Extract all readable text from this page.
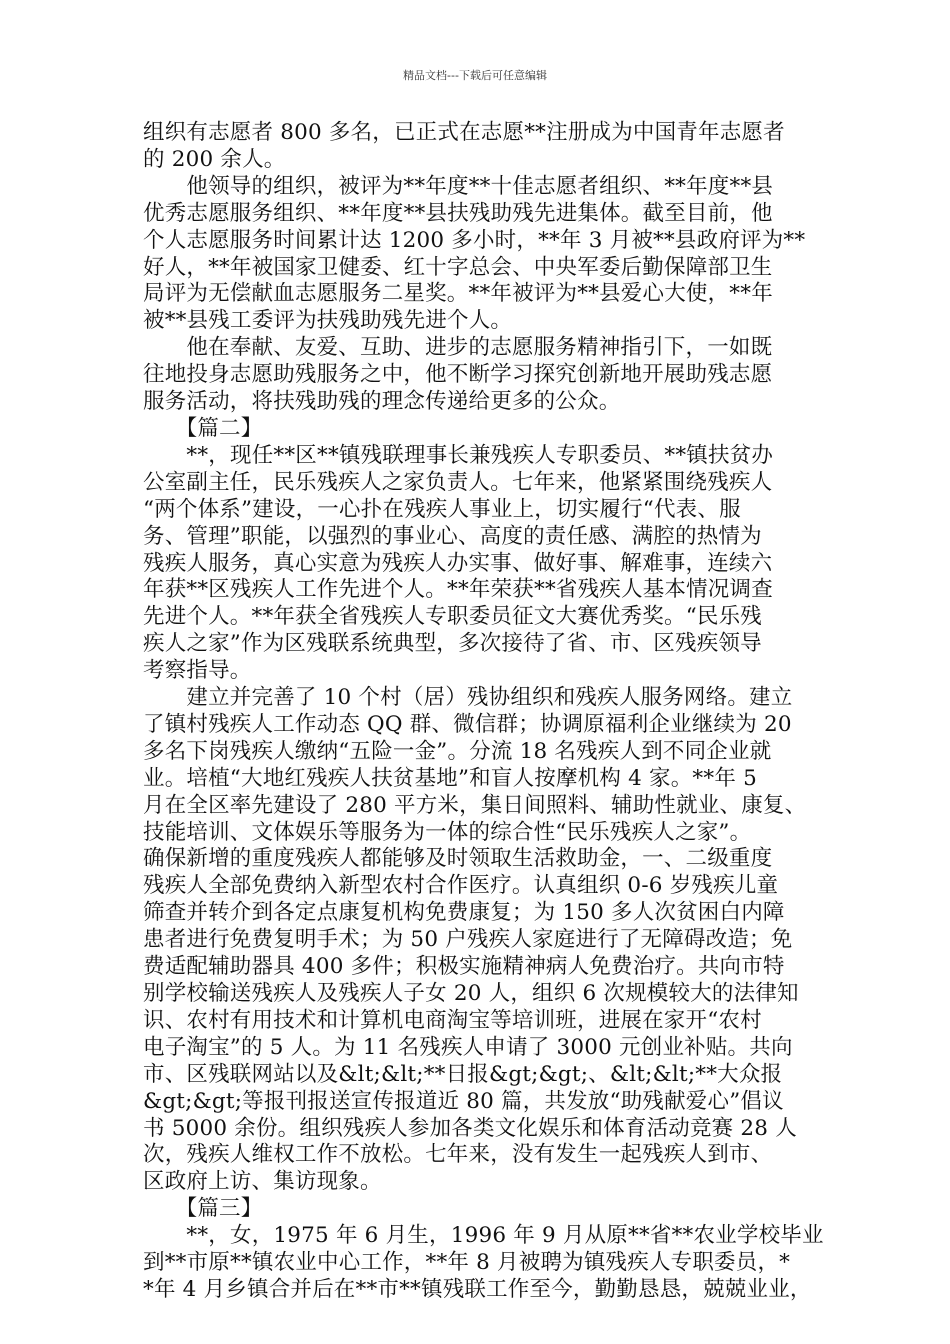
精品文档---下载后可任意编辑

组织有志愿者 800 多名，已正式在志愿**注册成为中国青年志愿者

的 200 余人。

　　他领导的组织，被评为**年度**十佳志愿者组织、**年度**县

优秀志愿服务组织、**年度**县扶残助残先进集体。截至目前，他

个人志愿服务时间累计达 1200 多小时，**年 3 月被**县政府评为**

好人，**年被国家卫健委、红十字总会、中央军委后勤保障部卫生

局评为无偿献血志愿服务二星奖。**年被评为**县爱心大使，**年

被**县残工委评为扶残助残先进个人。

　　他在奉献、友爱、互助、进步的志愿服务精神指引下，一如既

往地投身志愿助残服务之中，他不断学习探究创新地开展助残志愿

服务活动，将扶残助残的理念传递给更多的公众。

　　【篇二】

　　**，现任**区**镇残联理事长兼残疾人专职委员、**镇扶贫办

公室副主任，民乐残疾人之家负责人。七年来，他紧紧围绕残疾人

“两个体系”建设，一心扑在残疾人事业上，切实履行“代表、服

务、管理”职能，以强烈的事业心、高度的责任感、满腔的热情为

残疾人服务，真心实意为残疾人办实事、做好事、解难事，连续六

年获**区残疾人工作先进个人。**年荣获**省残疾人基本情况调查

先进个人。**年获全省残疾人专职委员征文大赛优秀奖。“民乐残

疾人之家”作为区残联系统典型，多次接待了省、市、区残疾领导

考察指导。

　　建立并完善了 10 个村（居）残协组织和残疾人服务网络。建立

了镇村残疾人工作动态 QQ 群、微信群；协调原福利企业继续为 20

多名下岗残疾人缴纳“五险一金”。分流 18 名残疾人到不同企业就

业。培植“大地红残疾人扶贫基地”和盲人按摩机构 4 家。**年 5

月在全区率先建设了 280 平方米，集日间照料、辅助性就业、康复、

技能培训、文体娱乐等服务为一体的综合性“民乐残疾人之家”。

确保新增的重度残疾人都能够及时领取生活救助金，一、二级重度

残疾人全部免费纳入新型农村合作医疗。认真组织 0-6 岁残疾儿童

筛查并转介到各定点康复机构免费康复；为 150 多人次贫困白内障

患者进行免费复明手术；为 50 户残疾人家庭进行了无障碍改造；免

费适配辅助器具 400 多件；积极实施精神病人免费治疗。共向市特

别学校输送残疾人及残疾人子女 20 人，组织 6 次规模较大的法律知

识、农村有用技术和计算机电商淘宝等培训班，进展在家开“农村

电子淘宝”的 5 人。为 11 名残疾人申请了 3000 元创业补贴。共向

市、区残联网站以及&lt;&lt;**日报&gt;&gt;、&lt;&lt;**大众报

&gt;&gt;等报刊报送宣传报道近 80 篇，共发放“助残献爱心”倡议

书 5000 余份。组织残疾人参加各类文化娱乐和体育活动竞赛 28 人

次，残疾人维权工作不放松。七年来，没有发生一起残疾人到市、

区政府上访、集访现象。

　　【篇三】

　　**，女，1975 年 6 月生，1996 年 9 月从原**省**农业学校毕业

到**市原**镇农业中心工作，**年 8 月被聘为镇残疾人专职委员，*

*年 4 月乡镇合并后在**市**镇残联工作至今，勤勤恳恳，兢兢业业，
